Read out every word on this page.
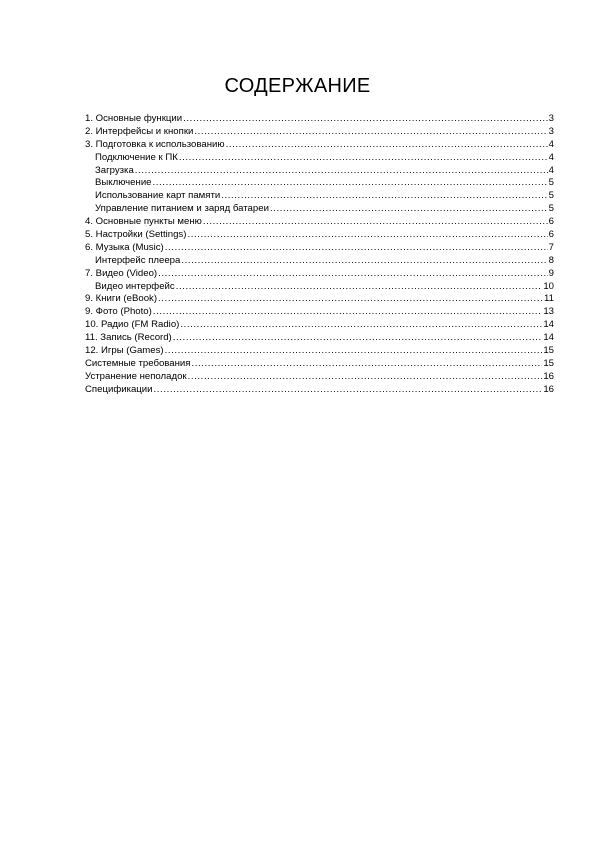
СОДЕРЖАНИЕ
1. Основные функции .....	3
2. Интерфейсы и кнопки .....	3
3. Подготовка к использованию .....	4
Подключение к ПК .....	4
Загрузка .....	4
Выключение .....	5
Использование карт памяти .....	5
Управление питанием и заряд батареи .....	5
4. Основные пункты меню .....	6
5. Настройки (Settings) .....	6
6. Музыка (Music) .....	7
Интерфейс плеера .....	8
7. Видео (Video) .....	9
Видео интерфейс .....	10
9. Книги (eBook) .....	11
9. Фото (Photo) .....	13
10. Радио (FM Radio) .....	14
11. Запись (Record) .....	14
12. Игры (Games) .....	15
Системные требования .....	15
Устранение неполадок .....	16
Спецификации .....	16
